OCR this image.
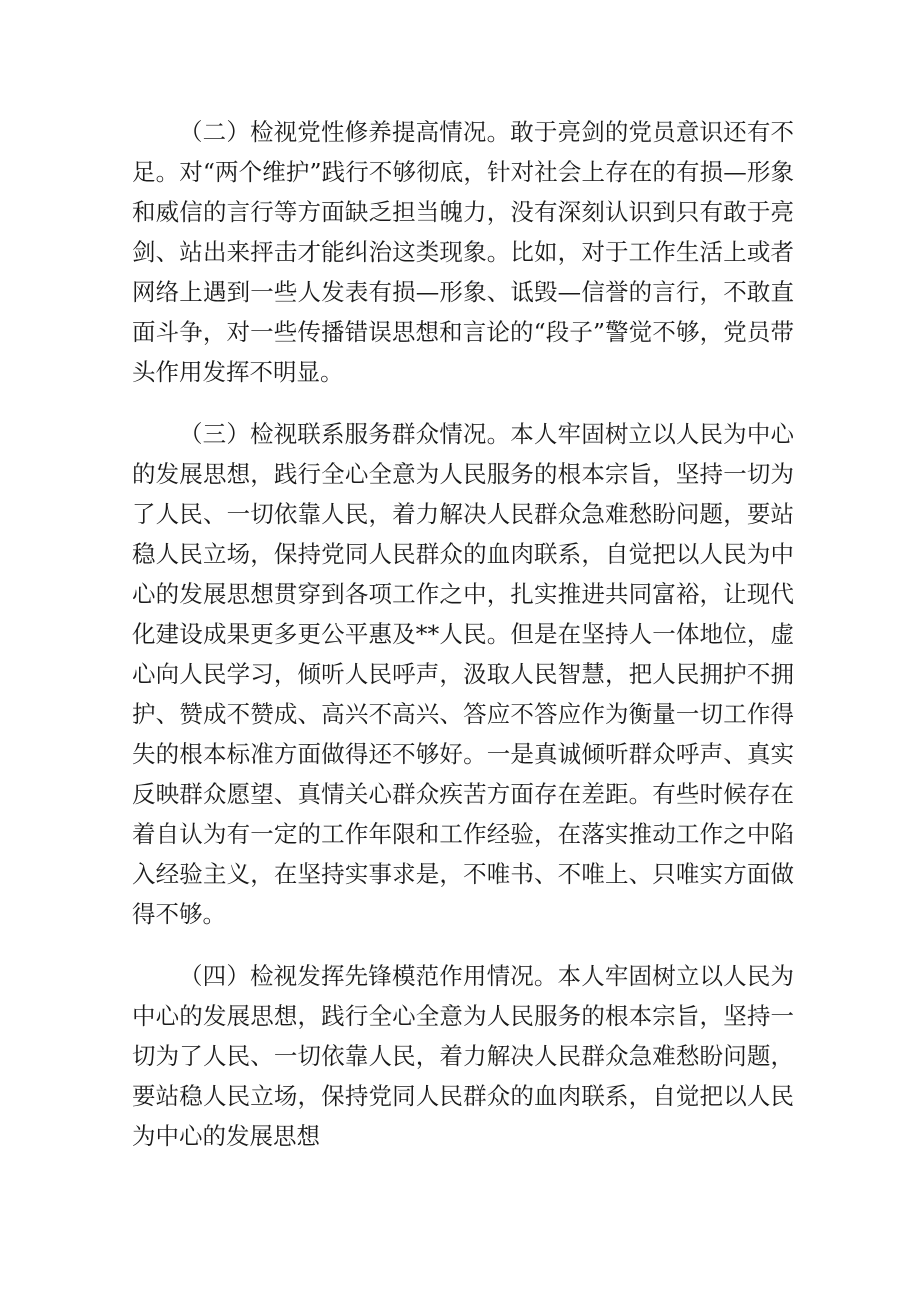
（二）检视党性修养提高情况。敢于亮剑的党员意识还有不足。对“两个维护”践行不够彻底，针对社会上存在的有损—形象和威信的言行等方面缺乏担当魄力，没有深刻认识到只有敢于亮剑、站出来抨击才能纠治这类现象。比如，对于工作生活上或者网络上遇到一些人发表有损—形象、诋毁—信誉的言行，不敢直面斗争，对一些传播错误思想和言论的“段子”警觉不够，党员带头作用发挥不明显。

（三）检视联系服务群众情况。本人牢固树立以人民为中心的发展思想，践行全心全意为人民服务的根本宗旨，坚持一切为了人民、一切依靠人民，着力解决人民群众急难愁盼问题，要站稳人民立场，保持党同人民群众的血肉联系，自觉把以人民为中心的发展思想贯穿到各项工作之中，扎实推进共同富裕，让现代化建设成果更多更公平惠及**人民。但是在坚持人一体地位，虚心向人民学习，倾听人民呼声，汲取人民智慧，把人民拥护不拥护、赞成不赞成、高兴不高兴、答应不答应作为衡量一切工作得失的根本标准方面做得还不够好。一是真诚倾听群众呼声、真实反映群众愿望、真情关心群众疾苦方面存在差距。有些时候存在着自认为有一定的工作年限和工作经验，在落实推动工作之中陷入经验主义，在坚持实事求是，不唯书、不唯上、只唯实方面做得不够。

（四）检视发挥先锋模范作用情况。本人牢固树立以人民为中心的发展思想，践行全心全意为人民服务的根本宗旨，坚持一切为了人民、一切依靠人民，着力解决人民群众急难愁盼问题，要站稳人民立场，保持党同人民群众的血肉联系，自觉把以人民为中心的发展思想
